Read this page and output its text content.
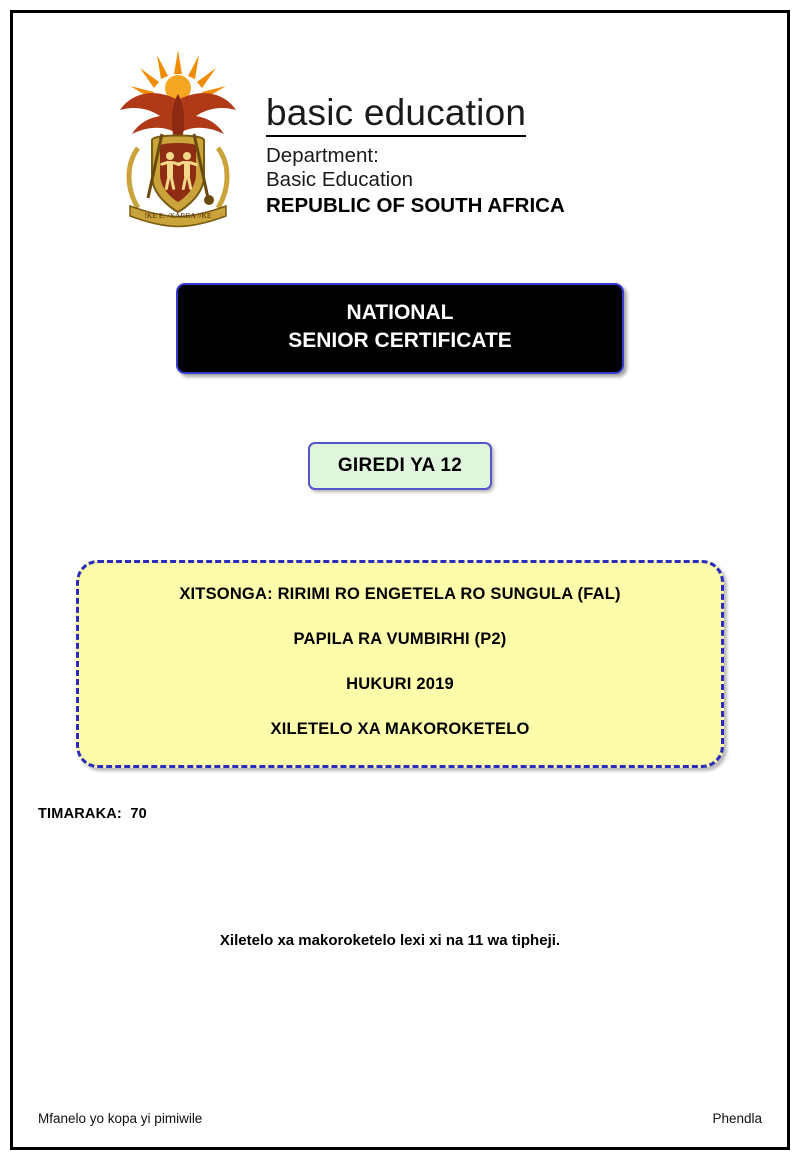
!KE E: /XARRA //KE
basic education
Department:
Basic Education
REPUBLIC OF SOUTH AFRICA
NATIONAL
SENIOR CERTIFICATE
GIREDI YA 12

XITSONGA: RIRIMI RO ENGETELA RO SUNGULA (FAL)

PAPILA RA VUMBIRHI (P2)

HUKURI 2019

XILETELO XA MAKOROKETELO

TIMARAKA: 70
Xiletelo xa makoroketelo lexi xi na 11 wa tipheji.
Mfanelo yo kopa yi pimiwile	Phendla
